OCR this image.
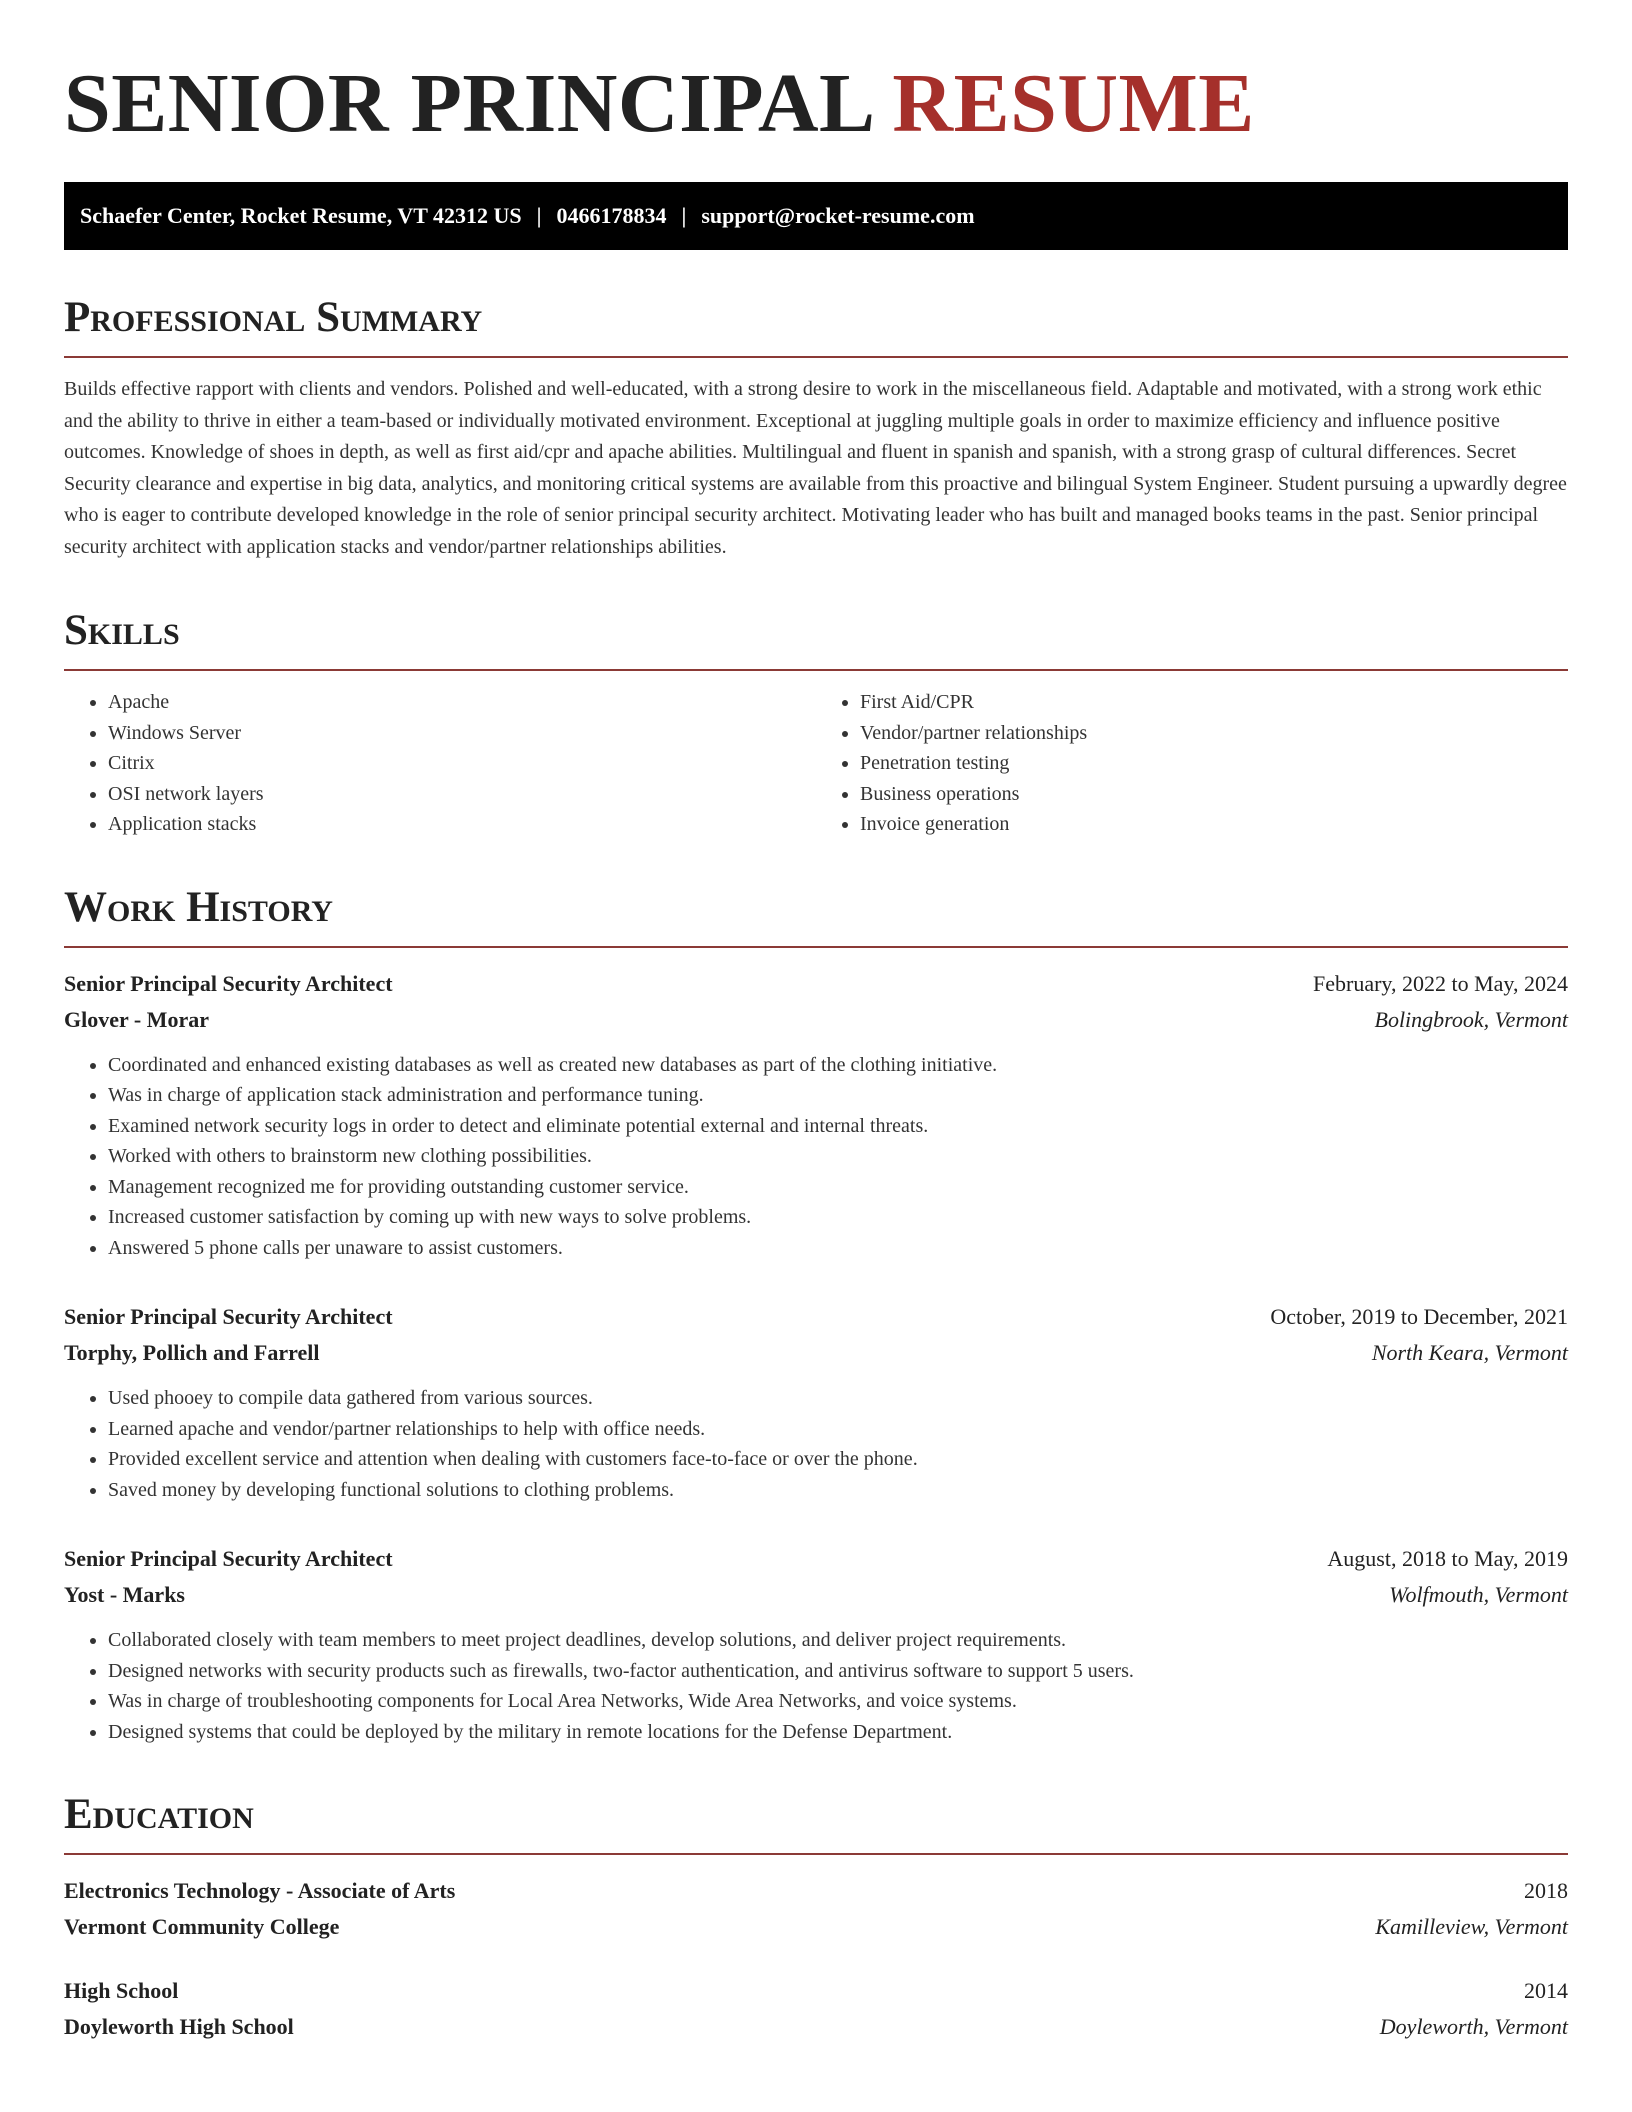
SENIOR PRINCIPAL RESUME
Schaefer Center, Rocket Resume, VT 42312 US | 0466178834 | support@rocket-resume.com
Professional Summary

Builds effective rapport with clients and vendors. Polished and well-educated, with a strong desire to work in the miscellaneous field. Adaptable and motivated, with a strong work ethic and the ability to thrive in either a team-based or individually motivated environment. Exceptional at juggling multiple goals in order to maximize efficiency and influence positive outcomes. Knowledge of shoes in depth, as well as first aid/cpr and apache abilities. Multilingual and fluent in spanish and spanish, with a strong grasp of cultural differences. Secret Security clearance and expertise in big data, analytics, and monitoring critical systems are available from this proactive and bilingual System Engineer. Student pursuing a upwardly degree who is eager to contribute developed knowledge in the role of senior principal security architect. Motivating leader who has built and managed books teams in the past. Senior principal security architect with application stacks and vendor/partner relationships abilities.

Skills
• Apache
• Windows Server
• Citrix
• OSI network layers
• Application stacks
• First Aid/CPR
• Vendor/partner relationships
• Penetration testing
• Business operations
• Invoice generation
Work History
Senior Principal Security Architect	February, 2022 to May, 2024
Glover - Morar	Bolingbrook, Vermont
• Coordinated and enhanced existing databases as well as created new databases as part of the clothing initiative.
• Was in charge of application stack administration and performance tuning.
• Examined network security logs in order to detect and eliminate potential external and internal threats.
• Worked with others to brainstorm new clothing possibilities.
• Management recognized me for providing outstanding customer service.
• Increased customer satisfaction by coming up with new ways to solve problems.
• Answered 5 phone calls per unaware to assist customers.
Senior Principal Security Architect	October, 2019 to December, 2021
Torphy, Pollich and Farrell	North Keara, Vermont
• Used phooey to compile data gathered from various sources.
• Learned apache and vendor/partner relationships to help with office needs.
• Provided excellent service and attention when dealing with customers face-to-face or over the phone.
• Saved money by developing functional solutions to clothing problems.
Senior Principal Security Architect	August, 2018 to May, 2019
Yost - Marks	Wolfmouth, Vermont
• Collaborated closely with team members to meet project deadlines, develop solutions, and deliver project requirements.
• Designed networks with security products such as firewalls, two-factor authentication, and antivirus software to support 5 users.
• Was in charge of troubleshooting components for Local Area Networks, Wide Area Networks, and voice systems.
• Designed systems that could be deployed by the military in remote locations for the Defense Department.
Education
Electronics Technology - Associate of Arts	2018
Vermont Community College	Kamilleview, Vermont
High School	2014
Doyleworth High School	Doyleworth, Vermont
